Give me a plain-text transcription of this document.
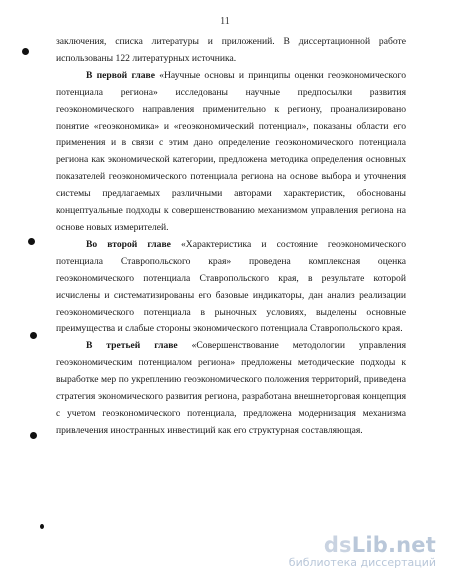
11

заключения, списка литературы и приложений. В диссертационной работе использованы 122 литературных источника.

В первой главе «Научные основы и принципы оценки геоэкономического потенциала региона» исследованы научные предпосылки развития геоэкономического направления применительно к региону, проанализировано понятие «геоэкономика» и «геоэкономический потенциал», показаны области его применения и в связи с этим дано определение геоэкономического потенциала региона как экономической категории, предложена методика определения основных показателей геоэкономического потенциала региона на основе выбора и уточнения системы предлагаемых различными авторами характеристик, обоснованы концептуальные подходы к совершенствованию механизмом управления региона на основе новых измерителей.

Во второй главе «Характеристика и состояние геоэкономического потенциала Ставропольского края» проведена комплексная оценка геоэкономического потенциала Ставропольского края, в результате которой исчислены и систематизированы его базовые индикаторы, дан анализ реализации геоэкономического потенциала в рыночных условиях, выделены основные преимущества и слабые стороны экономического потенциала Ставропольского края.

В третьей главе «Совершенствование методологии управления геоэкономическим потенциалом региона» предложены методические подходы к выработке мер по укреплению геоэкономического положения территорий, приведена стратегия экономического развития региона, разработана внешнеторговая концепция с учетом геоэкономического потенциала, предложена модернизация механизма привлечения иностранных инвестиций как его структурная составляющая.

dsLib.net
библиотека диссертаций
